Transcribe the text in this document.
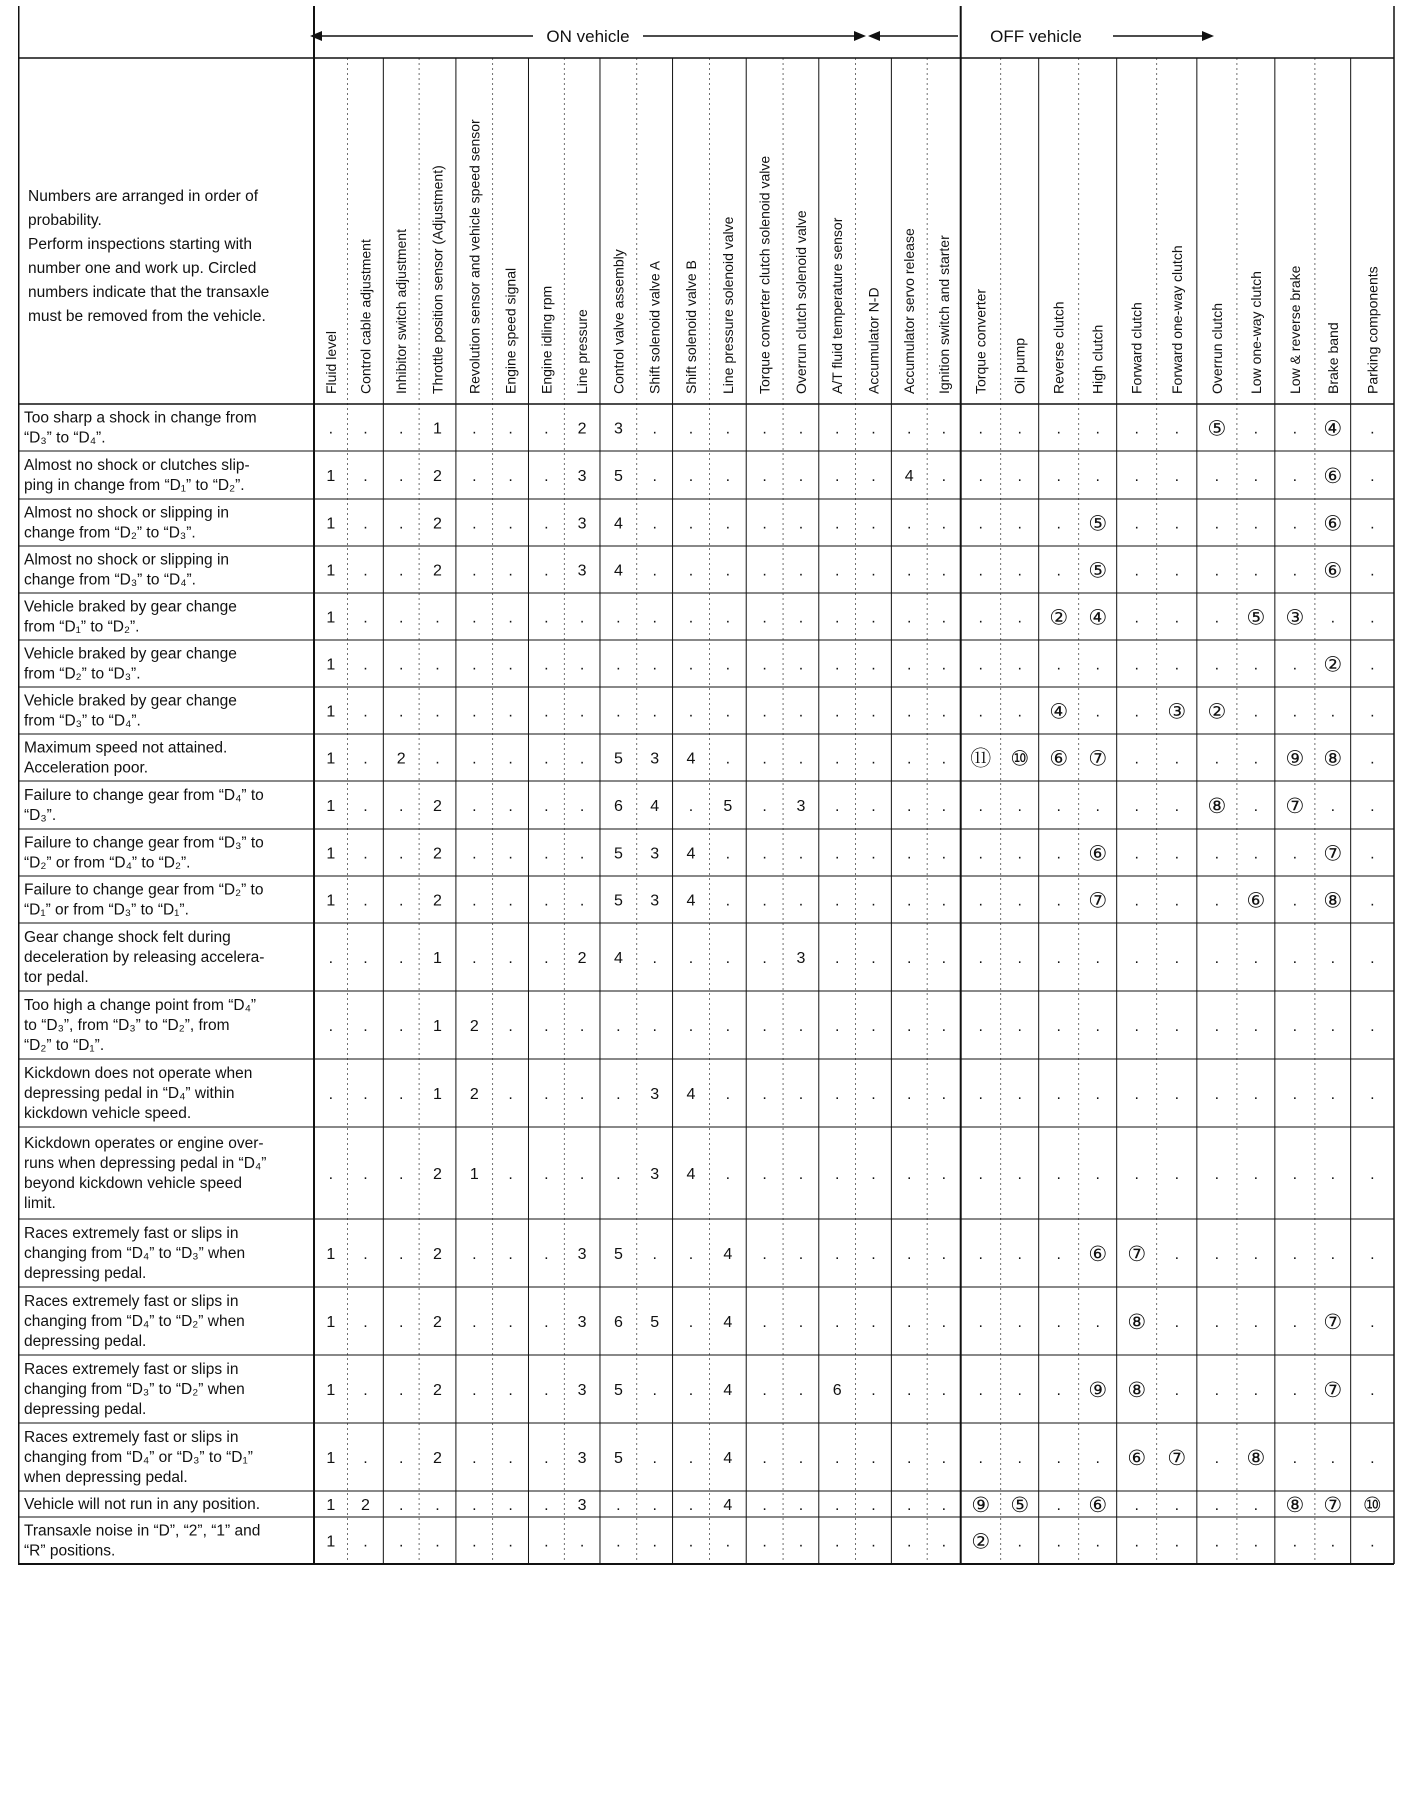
ON vehicle	OFF vehicle
Numbers are arranged in order of probability. Perform inspections starting with number one and work up. Circled numbers indicate that the transaxle must be removed from the vehicle.
Fluid level Control cable adjustment Inhibitor switch adjustment Throttle position sensor (Adjustment) Revolution sensor and vehicle speed sensor Engine speed signal Engine idling rpm Line pressure Control valve assembly Shift solenoid valve A Shift solenoid valve B Line pressure solenoid valve Torque converter clutch solenoid valve Overrun clutch solenoid valve A/T fluid temperature sensor Accumulator N-D Accumulator servo release Ignition switch and starter Torque converter Oil pump Reverse clutch High clutch Forward clutch Forward one-way clutch Overrun clutch Low one-way clutch Low & reverse brake Brake band Parking components
Too sharp a shock in change from
“D₃” to “D₄”.
Almost no shock or clutches slip-
ping in change from “D₁” to “D₂”.
Almost no shock or slipping in
change from “D₂” to “D₃”.
Almost no shock or slipping in
change from “D₃” to “D₄”.
Vehicle braked by gear change
from “D₁” to “D₂”.
Vehicle braked by gear change
from “D₂” to “D₃”.
Vehicle braked by gear change
from “D₃” to “D₄”.
Maximum speed not attained.
Acceleration poor.
Failure to change gear from “D₄” to
“D₃”.
Failure to change gear from “D₃” to
“D₂” or from “D₄” to “D₂”.
Failure to change gear from “D₂” to
“D₁” or from “D₃” to “D₁”.
Gear change shock felt during
deceleration by releasing accelera-
tor pedal.
Too high a change point from “D₄”
to “D₃”, from “D₃” to “D₂”, from
“D₂” to “D₁”.
Kickdown does not operate when
depressing pedal in “D₄” within
kickdown vehicle speed.
Kickdown operates or engine over-
runs when depressing pedal in “D₄”
beyond kickdown vehicle speed
limit.
Races extremely fast or slips in
changing from “D₄” to “D₃” when
depressing pedal.
Races extremely fast or slips in
changing from “D₄” to “D₂” when
depressing pedal.
Races extremely fast or slips in
changing from “D₃” to “D₂” when
depressing pedal.
Races extremely fast or slips in
changing from “D₄” or “D₃” to “D₁”
when depressing pedal.
Vehicle will not run in any position.
Transaxle noise in “D”, “2”, “1” and
“R” positions.
. . . 1 . . . 2 3 . . . . . . . . . . . . . . . ⑤ . . ④ .
1 . . 2 . . . 3 5 . . . . . . . 4 . . . . . . . . . . ⑥ .
1 . . 2 . . . 3 4 . . . . . . . . . . . . ⑤ . . . . . ⑥ .
1 . . 2 . . . 3 4 . . . . . . . . . . . . ⑤ . . . . . ⑥ .
1 . . . . . . . . . . . . . . . . . . . ② ④ . . . ⑤ ③ . .
1 . . . . . . . . . . . . . . . . . . . . . . . . . . ② .
1 . . . . . . . . . . . . . . . . . . . ④ . . ③ ② . . . .
1 . 2 . . . . . 5 3 4 . . . . . . . ⑪ ⑩ ⑥ ⑦ . . . . ⑨ ⑧ .
1 . . 2 . . . . 6 4 . 5 . 3 . . . . . . . . . . ⑧ . ⑦ . .
1 . . 2 . . . . 5 3 4 . . . . . . . . . . ⑥ . . . . . ⑦ .
1 . . 2 . . . . 5 3 4 . . . . . . . . . . ⑦ . . . ⑥ . ⑧ .
. . . 1 . . . 2 4 . . . . 3 . . . . . . . . . . . . . . .
. . . 1 2 . . . . . . . . . . . . . . . . . . . . . . . .
. . . 1 2 . . . . 3 4 . . . . . . . . . . . . . . . . . .
. . . 2 1 . . . . 3 4 . . . . . . . . . . . . . . . . . .
1 . . 2 . . . 3 5 . . 4 . . . . . . . . . ⑥ ⑦ . . . . . .
1 . . 2 . . . 3 6 5 . 4 . . . . . . . . . . ⑧ . . . . ⑦ .
1 . . 2 . . . 3 5 . . 4 . . 6 . . . . . . ⑨ ⑧ . . . . ⑦ .
1 . . 2 . . . 3 5 . . 4 . . . . . . . . . . ⑥ ⑦ . ⑧ . . .
1 2 . . . . . 3 . . . 4 . . . . . . ⑨ ⑤ . ⑥ . . . . ⑧ ⑦ ⑩
1 . . . . . . . . . . . . . . . . . ② . . . . . . . . . .
